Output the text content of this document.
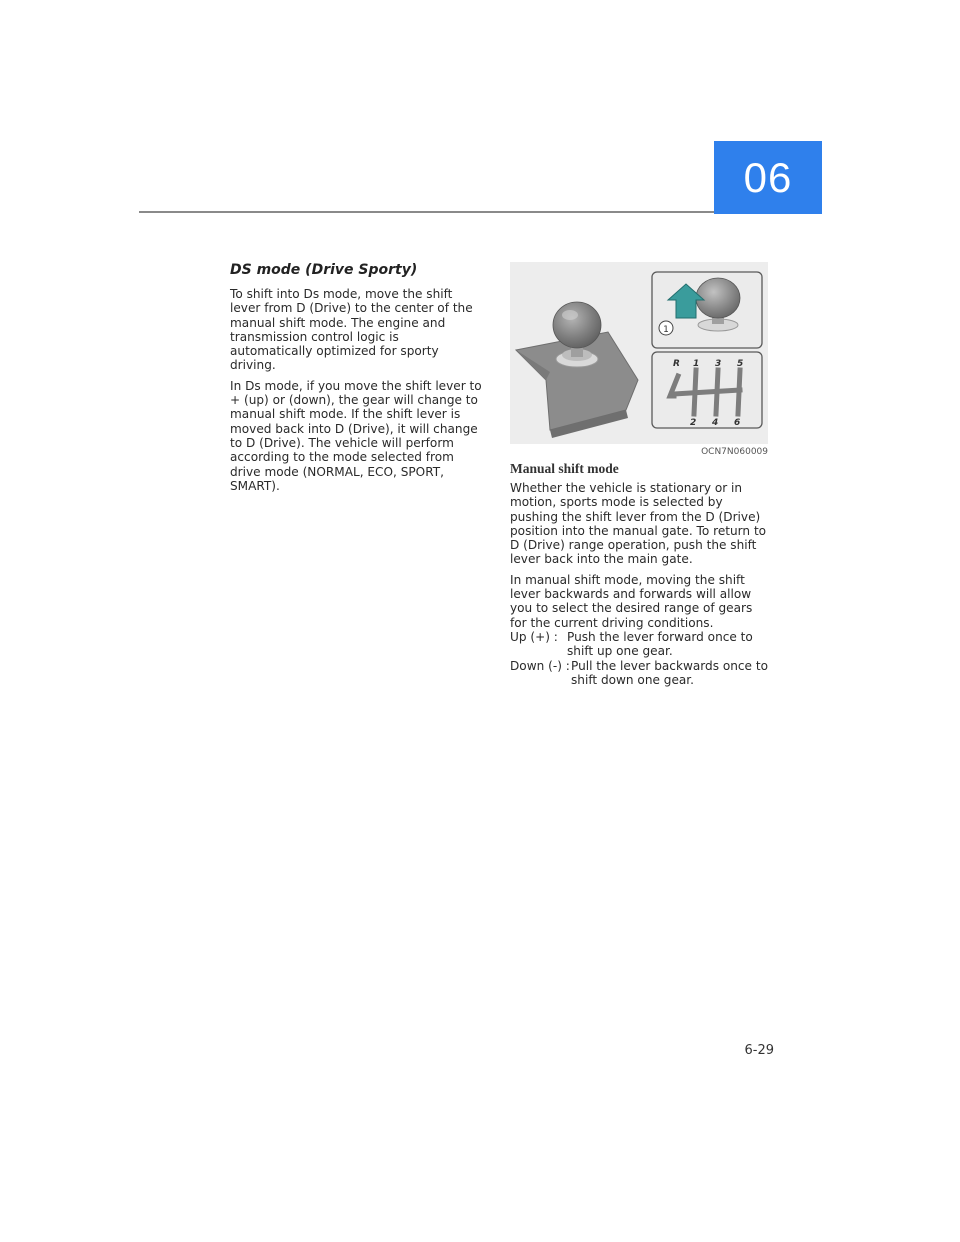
06
DS mode (Drive Sporty)

To shift into Ds mode, move the shift lever from D (Drive) to the center of the manual shift mode. The engine and transmission control logic is automatically optimized for sporty driving.

In Ds mode, if you move the shift lever to + (up) or (down), the gear will change to manual shift mode. If the shift lever is moved back into D (Drive), it will change to D (Drive). The vehicle will perform according to the mode selected from drive mode (NORMAL, ECO, SPORT, SMART).

1
R 1 3 5
2 4 6
OCN7N060009
Manual shift mode

Whether the vehicle is stationary or in motion, sports mode is selected by pushing the shift lever from the D (Drive) position into the manual gate. To return to D (Drive) range operation, push the shift lever back into the main gate.

In manual shift mode, moving the shift lever backwards and forwards will allow you to select the desired range of gears for the current driving conditions.

Up (+) : Push the lever forward once to shift up one gear.
Down (-) : Pull the lever backwards once to shift down one gear.
6-29
